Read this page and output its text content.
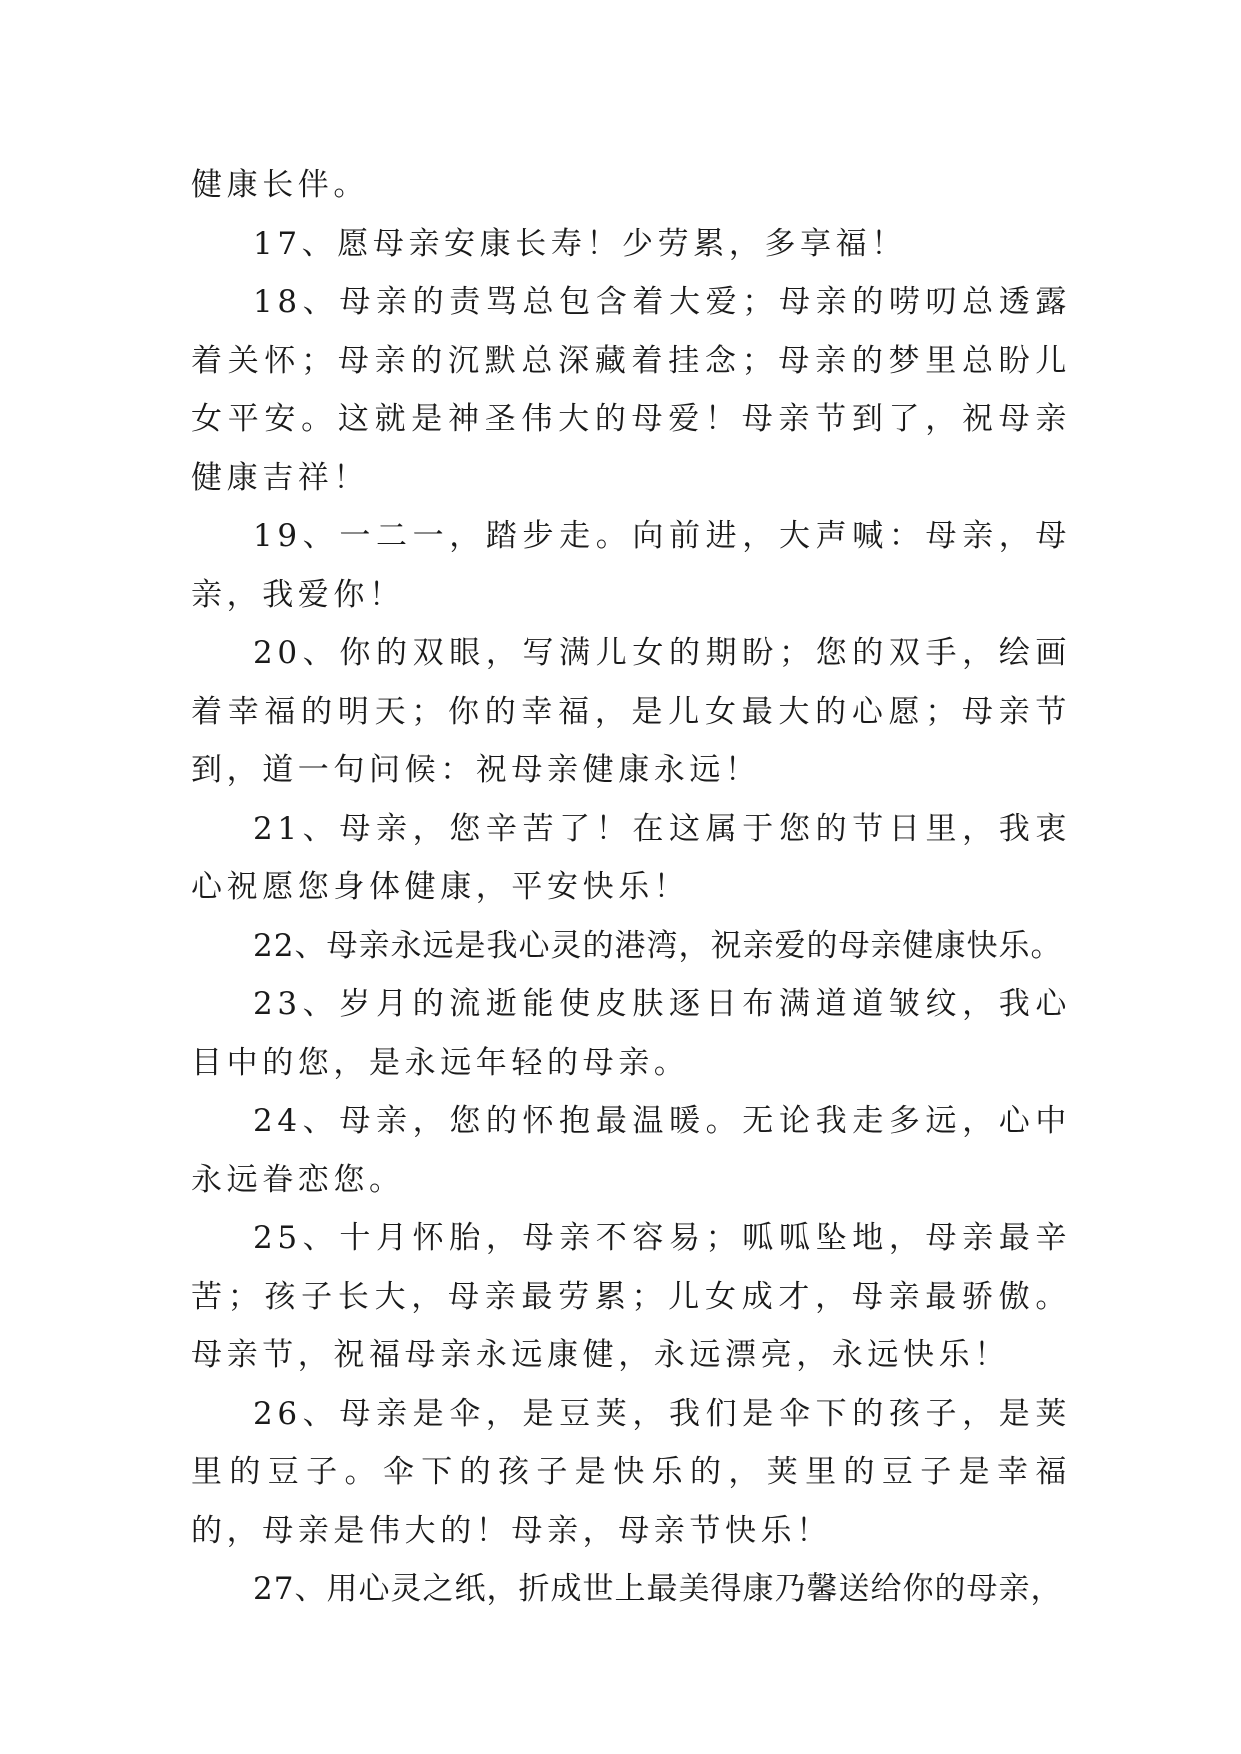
健康长伴。

17、愿母亲安康长寿！少劳累，多享福！

18、母亲的责骂总包含着大爱；母亲的唠叨总透露着关怀；母亲的沉默总深藏着挂念；母亲的梦里总盼儿女平安。这就是神圣伟大的母爱！母亲节到了，祝母亲健康吉祥！

19、一二一，踏步走。向前进，大声喊：母亲，母亲，我爱你！

20、你的双眼，写满儿女的期盼；您的双手，绘画着幸福的明天；你的幸福，是儿女最大的心愿；母亲节到，道一句问候：祝母亲健康永远！

21、母亲，您辛苦了！在这属于您的节日里，我衷心祝愿您身体健康，平安快乐！

22、母亲永远是我心灵的港湾，祝亲爱的母亲健康快乐。

23、岁月的流逝能使皮肤逐日布满道道皱纹，我心目中的您，是永远年轻的母亲。

24、母亲，您的怀抱最温暖。无论我走多远，心中永远眷恋您。

25、十月怀胎，母亲不容易；呱呱坠地，母亲最辛苦；孩子长大，母亲最劳累；儿女成才，母亲最骄傲。母亲节，祝福母亲永远康健，永远漂亮，永远快乐！

26、母亲是伞，是豆荚，我们是伞下的孩子，是荚里的豆子。伞下的孩子是快乐的，荚里的豆子是幸福的，母亲是伟大的！母亲，母亲节快乐！

27、用心灵之纸，折成世上最美得康乃馨送给你的母亲，
